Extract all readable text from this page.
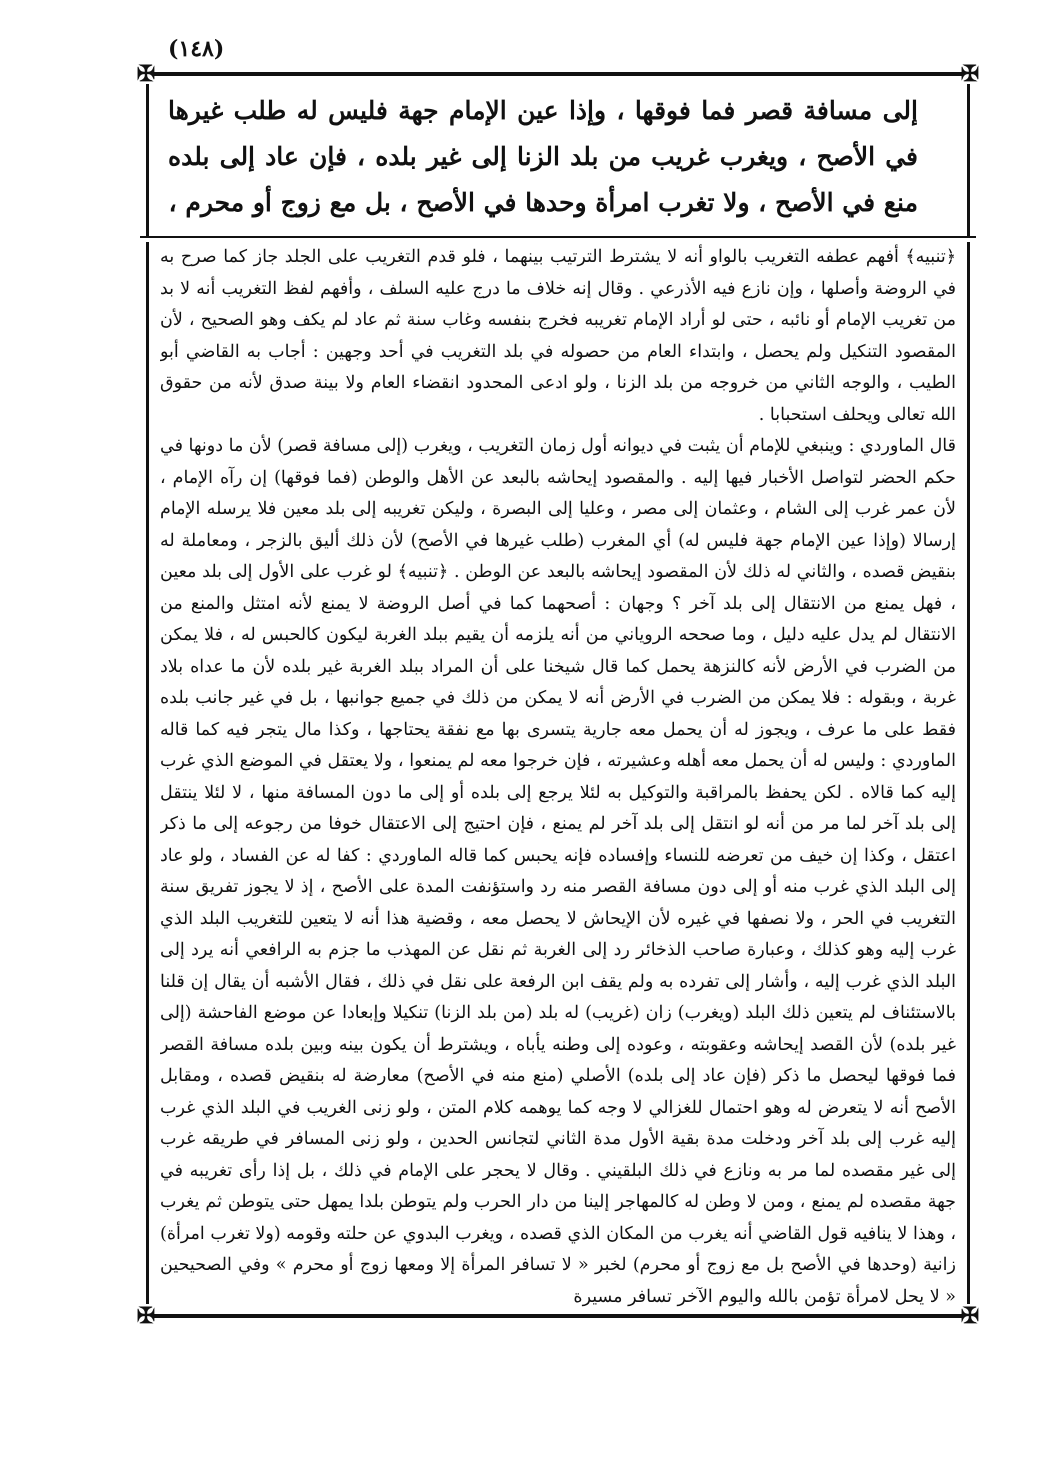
(١٤٨)
✠	✠
✠	✠

إلى مسافة قصر فما فوقها ، وإذا عين الإمام جهة فليس له طلب غيرها في الأصح ، ويغرب غريب من بلد الزنا إلى غير بلده ، فإن عاد إلى بلده منع في الأصح ، ولا تغرب امرأة وحدها في الأصح ، بل مع زوج أو محرم ،

﴿تنبيه﴾ أفهم عطفه التغريب بالواو أنه لا يشترط الترتيب بينهما ، فلو قدم التغريب على الجلد جاز كما صرح به في الروضة وأصلها ، وإن نازع فيه الأذرعي . وقال إنه خلاف ما درج عليه السلف ، وأفهم لفظ التغريب أنه لا بد من تغريب الإمام أو نائبه ، حتى لو أراد الإمام تغريبه فخرج بنفسه وغاب سنة ثم عاد لم يكف وهو الصحيح ، لأن المقصود التنكيل ولم يحصل ، وابتداء العام من حصوله في بلد التغريب في أحد وجهين : أجاب به القاضي أبو الطيب ، والوجه الثاني من خروجه من بلد الزنا ، ولو ادعى المحدود انقضاء العام ولا بينة صدق لأنه من حقوق الله تعالى ويحلف استحبابا .

قال الماوردي : وينبغي للإمام أن يثبت في ديوانه أول زمان التغريب ، ويغرب (إلى مسافة قصر) لأن ما دونها في حكم الحضر لتواصل الأخبار فيها إليه . والمقصود إيحاشه بالبعد عن الأهل والوطن (فما فوقها) إن رآه الإمام ، لأن عمر غرب إلى الشام ، وعثمان إلى مصر ، وعليا إلى البصرة ، وليكن تغريبه إلى بلد معين فلا يرسله الإمام إرسالا (وإذا عين الإمام جهة فليس له) أي المغرب (طلب غيرها في الأصح) لأن ذلك أليق بالزجر ، ومعاملة له بنقيض قصده ، والثاني له ذلك لأن المقصود إيحاشه بالبعد عن الوطن . ﴿تنبيه﴾ لو غرب على الأول إلى بلد معين ، فهل يمنع من الانتقال إلى بلد آخر ؟ وجهان : أصحهما كما في أصل الروضة لا يمنع لأنه امتثل والمنع من الانتقال لم يدل عليه دليل ، وما صححه الروياني من أنه يلزمه أن يقيم ببلد الغربة ليكون كالحبس له ، فلا يمكن من الضرب في الأرض لأنه كالنزهة يحمل كما قال شيخنا على أن المراد ببلد الغربة غير بلده لأن ما عداه بلاد غربة ، وبقوله : فلا يمكن من الضرب في الأرض أنه لا يمكن من ذلك في جميع جوانبها ، بل في غير جانب بلده فقط على ما عرف ، ويجوز له أن يحمل معه جارية يتسرى بها مع نفقة يحتاجها ، وكذا مال يتجر فيه كما قاله الماوردي : وليس له أن يحمل معه أهله وعشيرته ، فإن خرجوا معه لم يمنعوا ، ولا يعتقل في الموضع الذي غرب إليه كما قالاه . لكن يحفظ بالمراقبة والتوكيل به لئلا يرجع إلى بلده أو إلى ما دون المسافة منها ، لا لئلا ينتقل إلى بلد آخر لما مر من أنه لو انتقل إلى بلد آخر لم يمنع ، فإن احتيج إلى الاعتقال خوفا من رجوعه إلى ما ذكر اعتقل ، وكذا إن خيف من تعرضه للنساء وإفساده فإنه يحبس كما قاله الماوردي : كفا له عن الفساد ، ولو عاد إلى البلد الذي غرب منه أو إلى دون مسافة القصر منه رد واستؤنفت المدة على الأصح ، إذ لا يجوز تفريق سنة التغريب في الحر ، ولا نصفها في غيره لأن الإيحاش لا يحصل معه ، وقضية هذا أنه لا يتعين للتغريب البلد الذي غرب إليه وهو كذلك ، وعبارة صاحب الذخائر رد إلى الغربة ثم نقل عن المهذب ما جزم به الرافعي أنه يرد إلى البلد الذي غرب إليه ، وأشار إلى تفرده به ولم يقف ابن الرفعة على نقل في ذلك ، فقال الأشبه أن يقال إن قلنا بالاستئناف لم يتعين ذلك البلد (ويغرب) زان (غريب) له بلد (من بلد الزنا) تنكيلا وإبعادا عن موضع الفاحشة (إلى غير بلده) لأن القصد إيحاشه وعقوبته ، وعوده إلى وطنه يأباه ، ويشترط أن يكون بينه وبين بلده مسافة القصر فما فوقها ليحصل ما ذكر (فإن عاد إلى بلده) الأصلي (منع منه في الأصح) معارضة له بنقيض قصده ، ومقابل الأصح أنه لا يتعرض له وهو احتمال للغزالي لا وجه كما يوهمه كلام المتن ، ولو زنى الغريب في البلد الذي غرب إليه غرب إلى بلد آخر ودخلت مدة بقية الأول مدة الثاني لتجانس الحدين ، ولو زنى المسافر في طريقه غرب إلى غير مقصده لما مر به ونازع في ذلك البلقيني . وقال لا يحجر على الإمام في ذلك ، بل إذا رأى تغريبه في جهة مقصده لم يمنع ، ومن لا وطن له كالمهاجر إلينا من دار الحرب ولم يتوطن بلدا يمهل حتى يتوطن ثم يغرب ، وهذا لا ينافيه قول القاضي أنه يغرب من المكان الذي قصده ، ويغرب البدوي عن حلته وقومه (ولا تغرب امرأة) زانية (وحدها في الأصح بل مع زوج أو محرم) لخبر « لا تسافر المرأة إلا ومعها زوج أو محرم » وفي الصحيحين « لا يحل لامرأة تؤمن بالله واليوم الآخر تسافر مسيرة
